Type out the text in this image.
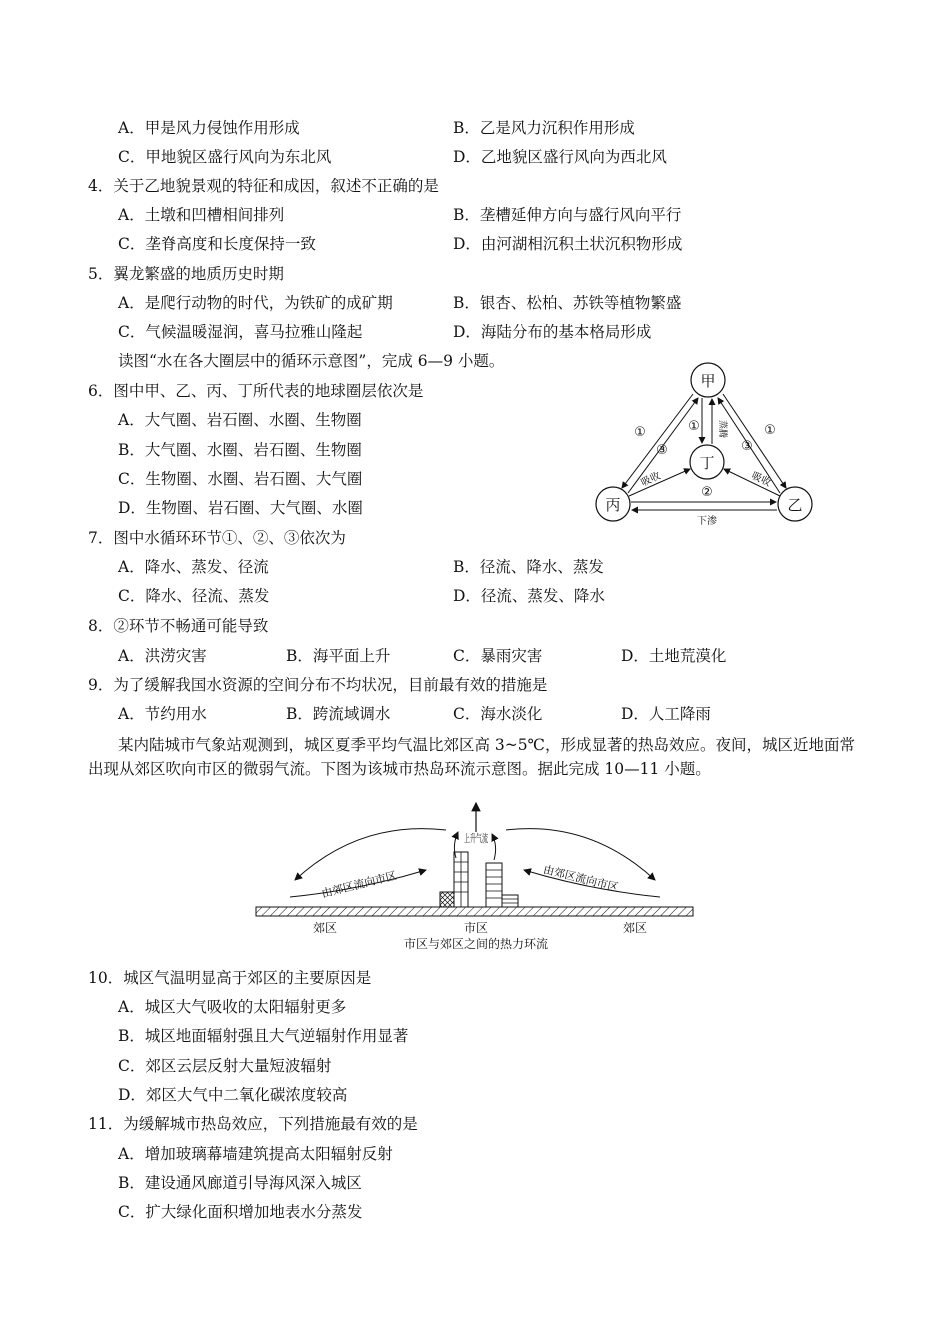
A．甲是风力侵蚀作用形成	B．乙是风力沉积作用形成
C．甲地貌区盛行风向为东北风	D．乙地貌区盛行风向为西北风
4．关于乙地貌景观的特征和成因，叙述不正确的是
A．土墩和凹槽相间排列	B．垄槽延伸方向与盛行风向平行
C．垄脊高度和长度保持一致	D．由河湖相沉积土状沉积物形成
5．翼龙繁盛的地质历史时期
A．是爬行动物的时代，为铁矿的成矿期	B．银杏、松柏、苏铁等植物繁盛
C．气候温暖湿润，喜马拉雅山隆起	D．海陆分布的基本格局形成
读图“水在各大圈层中的循环示意图”，完成 6—9 小题。
6．图中甲、乙、丙、丁所代表的地球圈层依次是
A．大气圈、岩石圈、水圈、生物圈
B．大气圈、水圈、岩石圈、生物圈
C．生物圈、水圈、岩石圈、大气圈
D．生物圈、岩石圈、大气圈、水圈
甲
乙
丙
丁
①
③
①	①
③
②
蒸腾
吸收	吸收
下渗
7．图中水循环环节①、②、③依次为
A．降水、蒸发、径流	B．径流、降水、蒸发
C．降水、径流、蒸发	D．径流、蒸发、降水
8．②环节不畅通可能导致
A．洪涝灾害	B．海平面上升	C．暴雨灾害	D．土地荒漠化
9．为了缓解我国水资源的空间分布不均状况，目前最有效的措施是
A．节约用水	B．跨流域调水	C．海水淡化	D．人工降雨
某内陆城市气象站观测到，城区夏季平均气温比郊区高 3~5℃，形成显著的热岛效应。夜间，城区近地面常出现从郊区吹向市区的微弱气流。下图为该城市热岛环流示意图。据此完成 10—11 小题。
上升气流
由郊区流向市区	由郊区流向市区
郊区	市区	郊区
市区与郊区之间的热力环流
10．城区气温明显高于郊区的主要原因是
A．城区大气吸收的太阳辐射更多
B．城区地面辐射强且大气逆辐射作用显著
C．郊区云层反射大量短波辐射
D．郊区大气中二氧化碳浓度较高
11．为缓解城市热岛效应，下列措施最有效的是
A．增加玻璃幕墙建筑提高太阳辐射反射
B．建设通风廊道引导海风深入城区
C．扩大绿化面积增加地表水分蒸发
